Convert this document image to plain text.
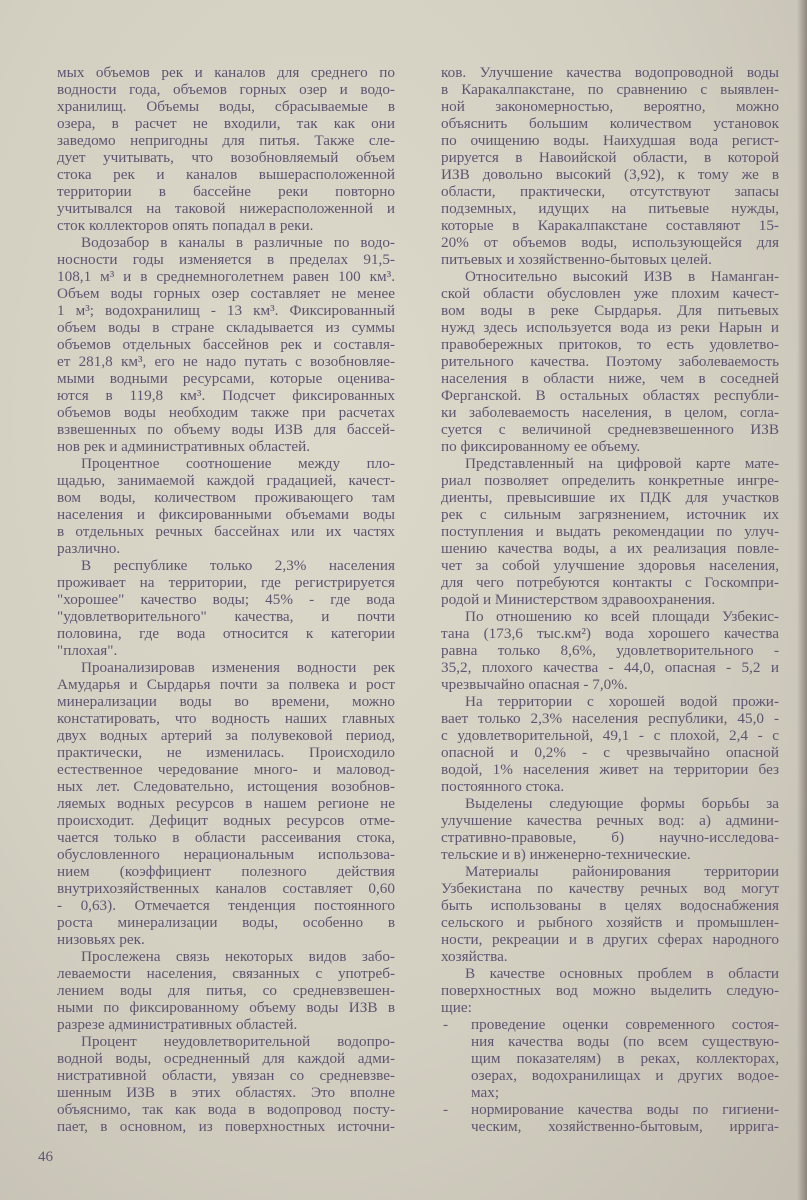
мых объемов рек и каналов для среднего по
водности года, объемов горных озер и водо-
хранилищ. Объемы воды, сбрасываемые в
озера, в расчет не входили, так как они
заведомо непригодны для питья. Также сле-
дует учитывать, что возобновляемый объем
стока рек и каналов вышерасположенной
территории в бассейне реки повторно
учитывался на таковой нижерасположенной и
сток коллекторов опять попадал в реки.
Водозабор в каналы в различные по водо-
носности годы изменяется в пределах 91,5-
108,1 м³ и в среднемноголетнем равен 100 км³.
Объем воды горных озер составляет не менее
1 м³; водохранилищ - 13 км³. Фиксированный
объем воды в стране складывается из суммы
объемов отдельных бассейнов рек и составля-
ет 281,8 км³, его не надо путать с возобновляе-
мыми водными ресурсами, которые оценива-
ются в 119,8 км³. Подсчет фиксированных
объемов воды необходим также при расчетах
взвешенных по объему воды ИЗВ для бассей-
нов рек и административных областей.
Процентное соотношение между пло-
щадью, занимаемой каждой градацией, качест-
вом воды, количеством проживающего там
населения и фиксированными объемами воды
в отдельных речных бассейнах или их частях
различно.
В республике только 2,3% населения
проживает на территории, где регистрируется
"хорошее" качество воды; 45% - где вода
"удовлетворительного" качества, и почти
половина, где вода относится к категории
"плохая".
Проанализировав изменения водности рек
Амударья и Сырдарья почти за полвека и рост
минерализации воды во времени, можно
констатировать, что водность наших главных
двух водных артерий за полувековой период,
практически, не изменилась. Происходило
естественное чередование много- и маловод-
ных лет. Следовательно, истощения возобнов-
ляемых водных ресурсов в нашем регионе не
происходит. Дефицит водных ресурсов отме-
чается только в области рассеивания стока,
обусловленного нерациональным использова-
нием (коэффициент полезного действия
внутрихозяйственных каналов составляет 0,60
- 0,63). Отмечается тенденция постоянного
роста минерализации воды, особенно в
низовьях рек.
Прослежена связь некоторых видов забо-
леваемости населения, связанных с употреб-
лением воды для питья, со средневзвешен-
ными по фиксированному объему воды ИЗВ в
разрезе административных областей.
Процент неудовлетворительной водопро-
водной воды, осредненный для каждой адми-
нистративной области, увязан со средневзве-
шенным ИЗВ в этих областях. Это вполне
объяснимо, так как вода в водопровод посту-
пает, в основном, из поверхностных источни-
ков. Улучшение качества водопроводной воды
в Каракалпакстане, по сравнению с выявлен-
ной закономерностью, вероятно, можно
объяснить большим количеством установок
по очищению воды. Наихудшая вода регист-
рируется в Навоийской области, в которой
ИЗВ довольно высокий (3,92), к тому же в
области, практически, отсутствуют запасы
подземных, идущих на питьевые нужды,
которые в Каракалпакстане составляют 15-
20% от объемов воды, использующейся для
питьевых и хозяйственно-бытовых целей.
Относительно высокий ИЗВ в Наманган-
ской области обусловлен уже плохим качест-
вом воды в реке Сырдарья. Для питьевых
нужд здесь используется вода из реки Нарын и
правобережных притоков, то есть удовлетво-
рительного качества. Поэтому заболеваемость
населения в области ниже, чем в соседней
Ферганской. В остальных областях республи-
ки заболеваемость населения, в целом, согла-
суется с величиной средневзвешенного ИЗВ
по фиксированному ее объему.
Представленный на цифровой карте мате-
риал позволяет определить конкретные ингре-
диенты, превысившие их ПДК для участков
рек с сильным загрязнением, источник их
поступления и выдать рекомендации по улуч-
шению качества воды, а их реализация повле-
чет за собой улучшение здоровья населения,
для чего потребуются контакты с Госкомпри-
родой и Министерством здравоохранения.
По отношению ко всей площади Узбекис-
тана (173,6 тыс.км²) вода хорошего качества
равна только 8,6%, удовлетворительного -
35,2, плохого качества - 44,0, опасная - 5,2 и
чрезвычайно опасная - 7,0%.
На территории с хорошей водой прожи-
вает только 2,3% населения республики, 45,0 -
с удовлетворительной, 49,1 - с плохой, 2,4 - с
опасной и 0,2% - с чрезвычайно опасной
водой, 1% населения живет на территории без
постоянного стока.
Выделены следующие формы борьбы за
улучшение качества речных вод: а) админи-
стративно-правовые, б) научно-исследова-
тельские и в) инженерно-технические.
Материалы районирования территории
Узбекистана по качеству речных вод могут
быть использованы в целях водоснабжения
сельского и рыбного хозяйств и промышлен-
ности, рекреации и в других сферах народного
хозяйства.
В качестве основных проблем в области
поверхностных вод можно выделить следую-
щие:
- проведение оценки современного состоя-
ния качества воды (по всем существую-
щим показателям) в реках, коллекторах,
озерах, водохранилищах и других водое-
мах;
- нормирование качества воды по гигиени-
ческим, хозяйственно-бытовым, ирригa-
46
